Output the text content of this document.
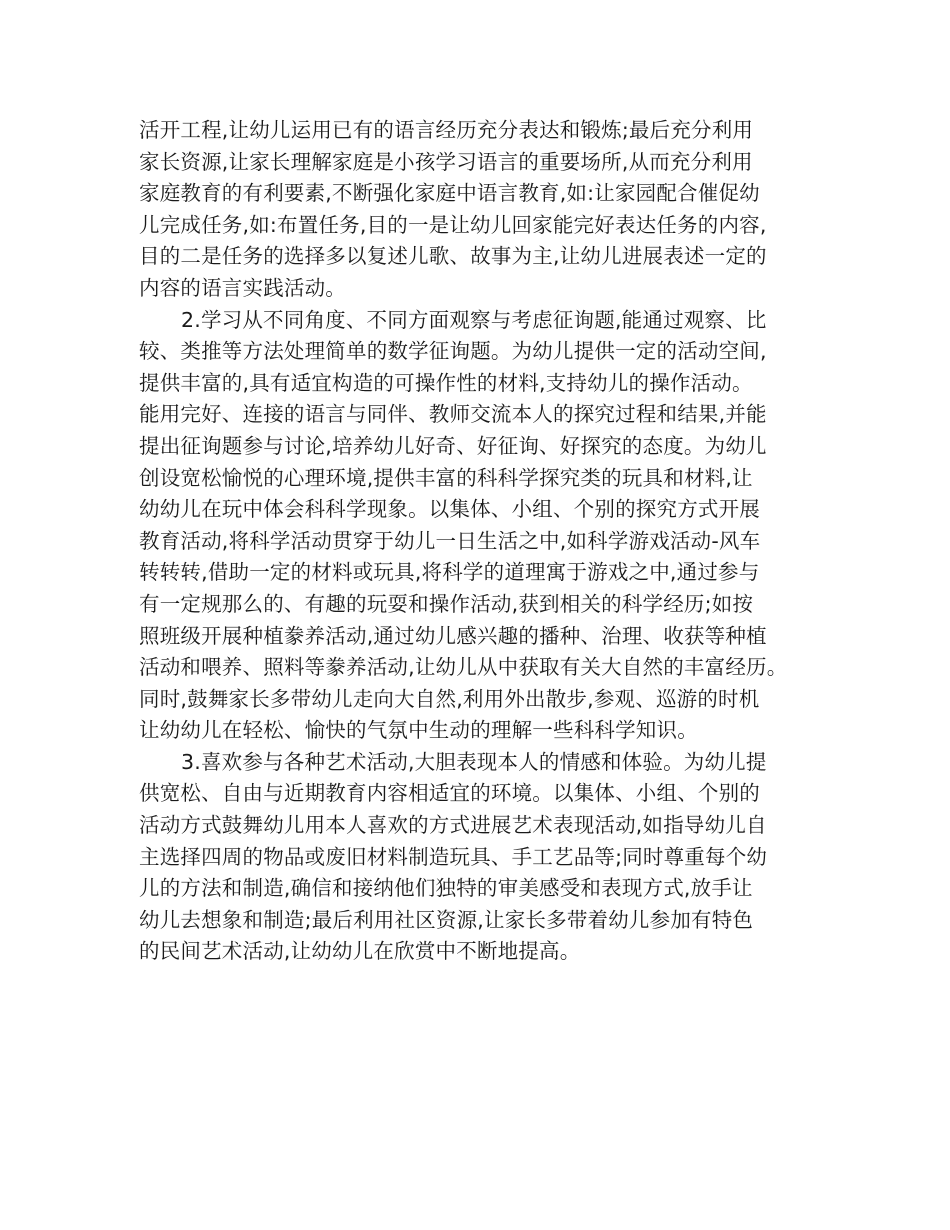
活开工程,让幼儿运用已有的语言经历充分表达和锻炼;最后充分利用
家长资源,让家长理解家庭是小孩学习语言的重要场所,从而充分利用
家庭教育的有利要素,不断强化家庭中语言教育,如:让家园配合催促幼
儿完成任务,如:布置任务,目的一是让幼儿回家能完好表达任务的内容,
目的二是任务的选择多以复述儿歌、故事为主,让幼儿进展表述一定的
内容的语言实践活动。
2.学习从不同角度、不同方面观察与考虑征询题,能通过观察、比
较、类推等方法处理简单的数学征询题。为幼儿提供一定的活动空间,
提供丰富的,具有适宜构造的可操作性的材料,支持幼儿的操作活动。
能用完好、连接的语言与同伴、教师交流本人的探究过程和结果,并能
提出征询题参与讨论,培养幼儿好奇、好征询、好探究的态度。为幼儿
创设宽松愉悦的心理环境,提供丰富的科科学探究类的玩具和材料,让
幼幼儿在玩中体会科科学现象。以集体、小组、个别的探究方式开展
教育活动,将科学活动贯穿于幼儿一日生活之中,如科学游戏活动-风车
转转转,借助一定的材料或玩具,将科学的道理寓于游戏之中,通过参与
有一定规那么的、有趣的玩耍和操作活动,获到相关的科学经历;如按
照班级开展种植豢养活动,通过幼儿感兴趣的播种、治理、收获等种植
活动和喂养、照料等豢养活动,让幼儿从中获取有关大自然的丰富经历。
同时,鼓舞家长多带幼儿走向大自然,利用外出散步,参观、巡游的时机
让幼幼儿在轻松、愉快的气氛中生动的理解一些科科学知识。
3.喜欢参与各种艺术活动,大胆表现本人的情感和体验。为幼儿提
供宽松、自由与近期教育内容相适宜的环境。以集体、小组、个别的
活动方式鼓舞幼儿用本人喜欢的方式进展艺术表现活动,如指导幼儿自
主选择四周的物品或废旧材料制造玩具、手工艺品等;同时尊重每个幼
儿的方法和制造,确信和接纳他们独特的审美感受和表现方式,放手让
幼儿去想象和制造;最后利用社区资源,让家长多带着幼儿参加有特色
的民间艺术活动,让幼幼儿在欣赏中不断地提高。
